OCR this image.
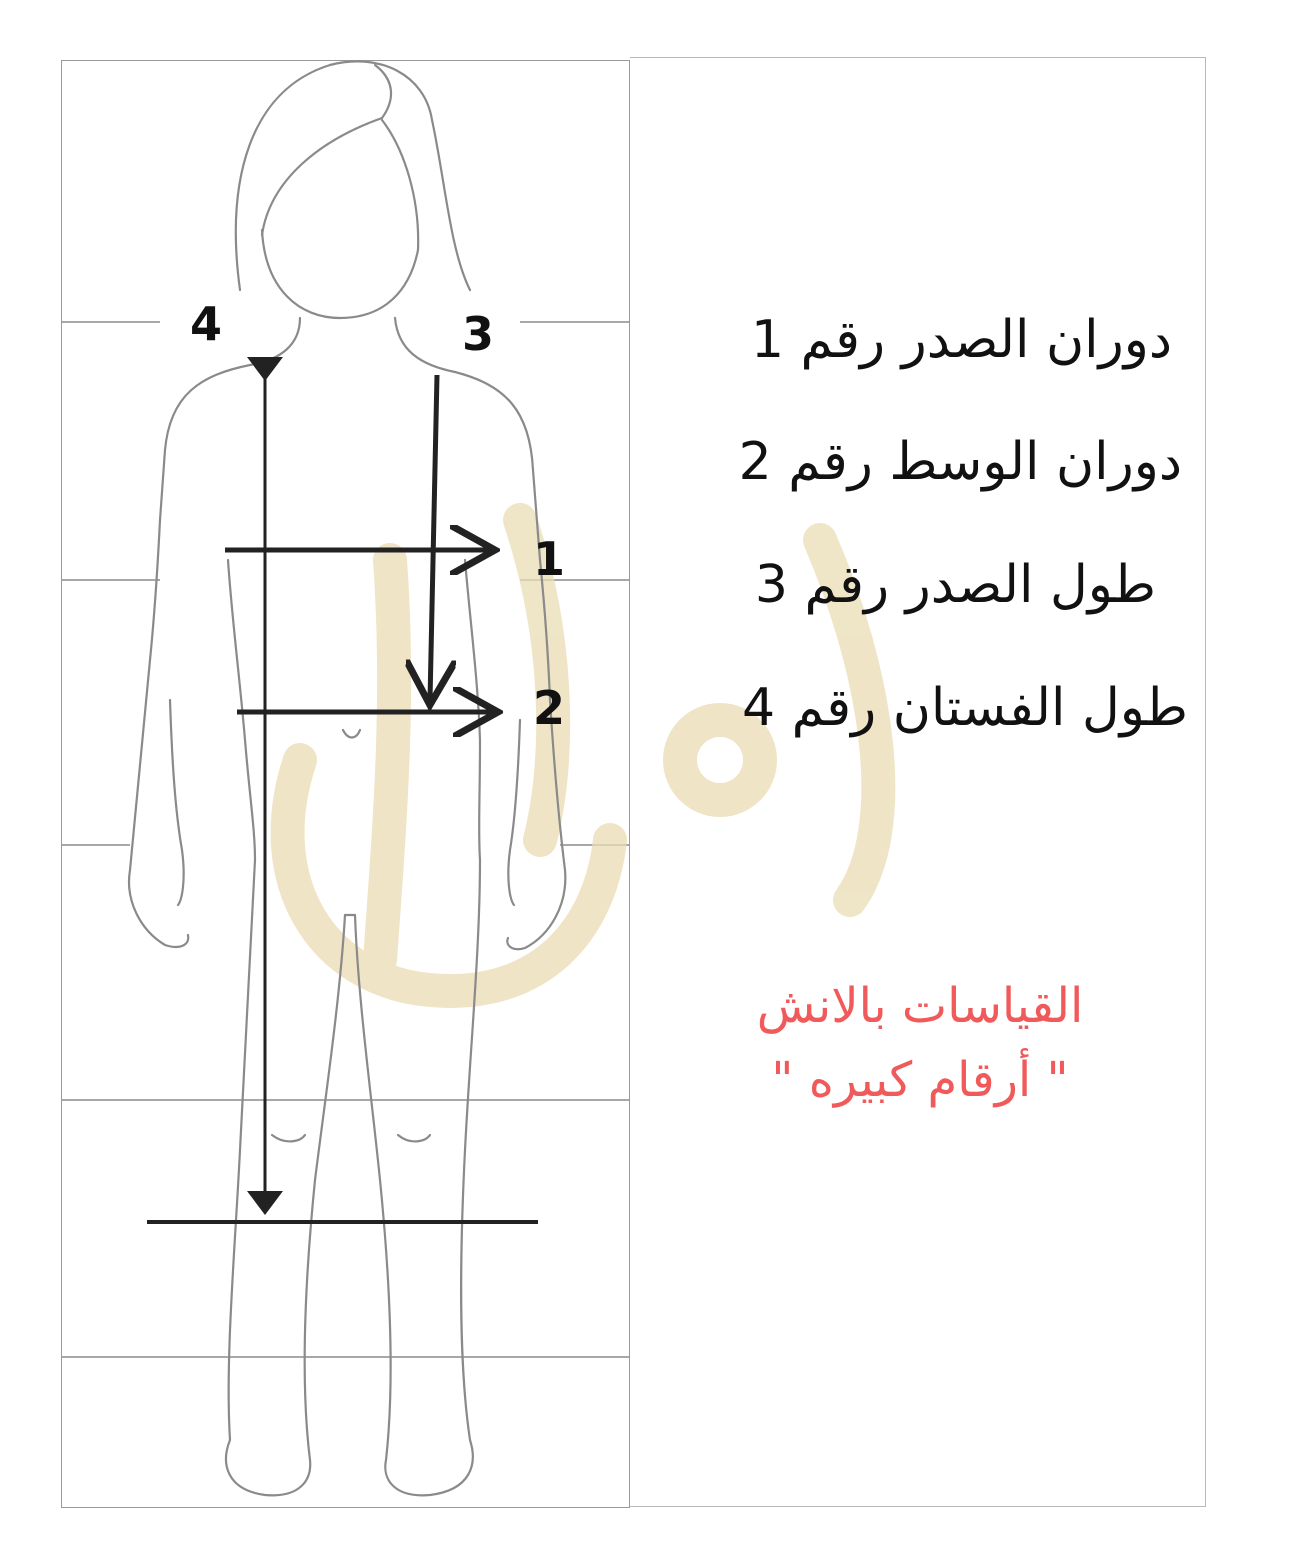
4	3
1
2
دوران الصدر رقم 1
دوران الوسط رقم 2
طول الصدر رقم 3
طول الفستان رقم 4
القياسات بالانش
" أرقام كبيره "
